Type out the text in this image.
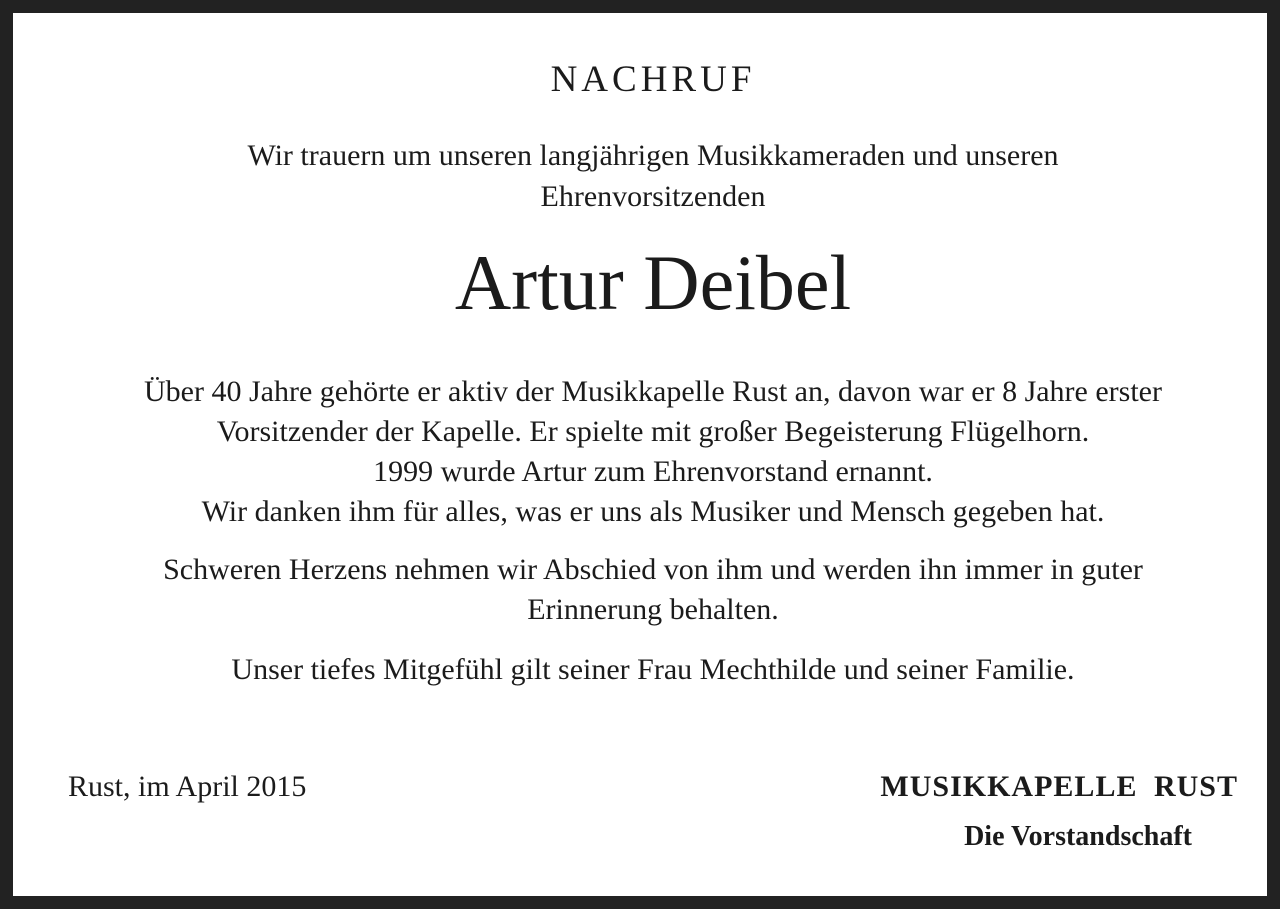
NACHRUF
Wir trauern um unseren langjährigen Musikkameraden und unseren
Ehrenvorsitzenden
Artur Deibel
Über 40 Jahre gehörte er aktiv der Musikkapelle Rust an, davon war er 8 Jahre erster
Vorsitzender der Kapelle. Er spielte mit großer Begeisterung Flügelhorn.
1999 wurde Artur zum Ehrenvorstand ernannt.
Wir danken ihm für alles, was er uns als Musiker und Mensch gegeben hat.
Schweren Herzens nehmen wir Abschied von ihm und werden ihn immer in guter
Erinnerung behalten.
Unser tiefes Mitgefühl gilt seiner Frau Mechthilde und seiner Familie.
Rust, im April 2015	MUSIKKAPELLE RUST
Die Vorstandschaft
